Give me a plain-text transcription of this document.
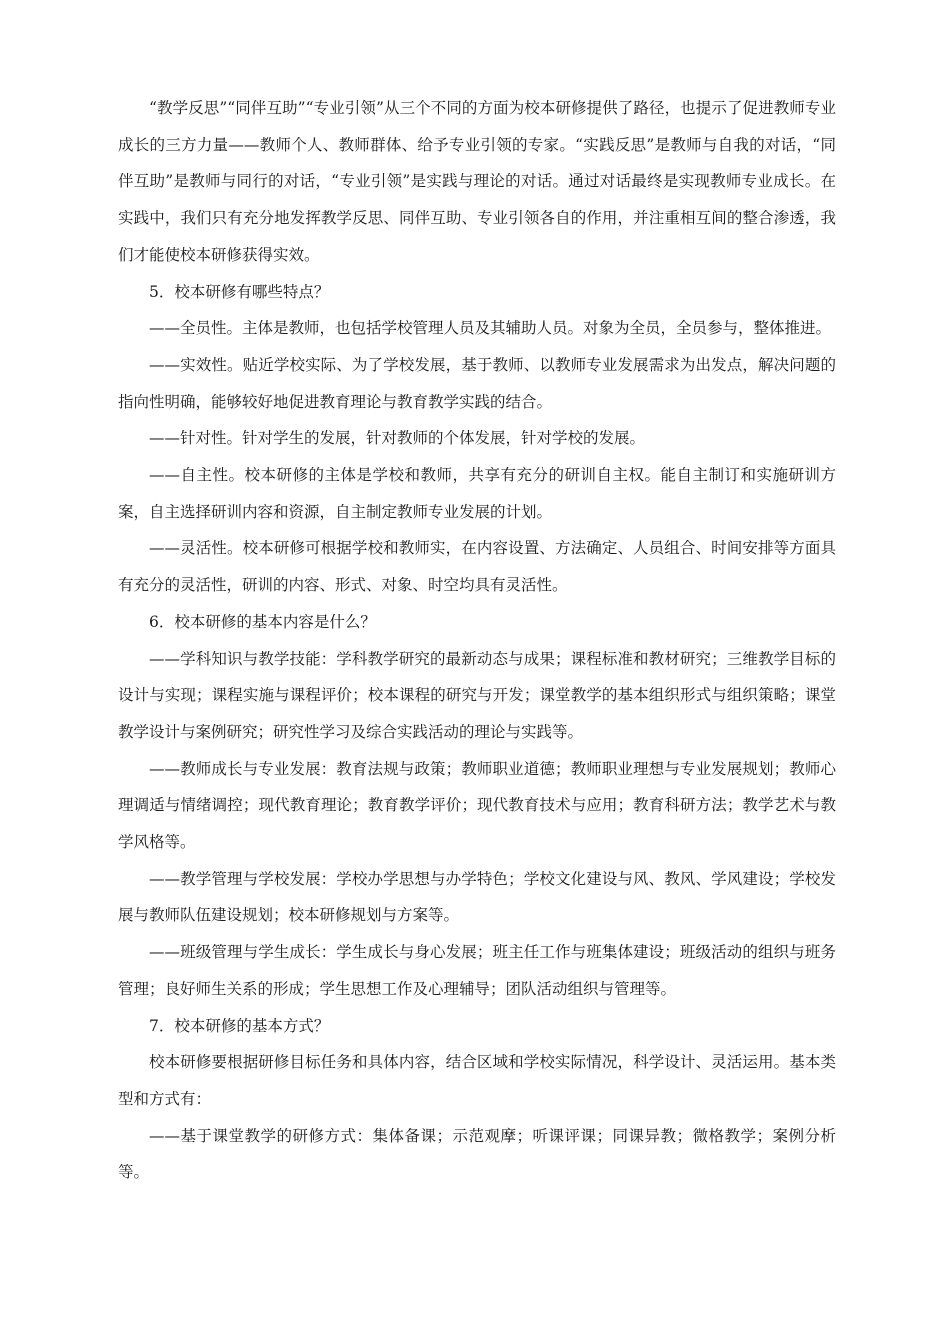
“教学反思”“同伴互助”“专业引领”从三个不同的方面为校本研修提供了路径，也提示了促进教师专业成长的三方力量——教师个人、教师群体、给予专业引领的专家。“实践反思”是教师与自我的对话，“同伴互助”是教师与同行的对话，“专业引领”是实践与理论的对话。通过对话最终是实现教师专业成长。在实践中，我们只有充分地发挥教学反思、同伴互助、专业引领各自的作用，并注重相互间的整合渗透，我们才能使校本研修获得实效。

5．校本研修有哪些特点？

——全员性。主体是教师，也包括学校管理人员及其辅助人员。对象为全员，全员参与，整体推进。

——实效性。贴近学校实际、为了学校发展，基于教师、以教师专业发展需求为出发点，解决问题的指向性明确，能够较好地促进教育理论与教育教学实践的结合。

——针对性。针对学生的发展，针对教师的个体发展，针对学校的发展。

——自主性。校本研修的主体是学校和教师，共享有充分的研训自主权。能自主制订和实施研训方案，自主选择研训内容和资源，自主制定教师专业发展的计划。

——灵活性。校本研修可根据学校和教师实，在内容设置、方法确定、人员组合、时间安排等方面具有充分的灵活性，研训的内容、形式、对象、时空均具有灵活性。

6．校本研修的基本内容是什么？

——学科知识与教学技能：学科教学研究的最新动态与成果；课程标准和教材研究；三维教学目标的设计与实现；课程实施与课程评价；校本课程的研究与开发；课堂教学的基本组织形式与组织策略；课堂教学设计与案例研究；研究性学习及综合实践活动的理论与实践等。

——教师成长与专业发展：教育法规与政策；教师职业道德；教师职业理想与专业发展规划；教师心理调适与情绪调控；现代教育理论；教育教学评价；现代教育技术与应用；教育科研方法；教学艺术与教学风格等。

——教学管理与学校发展：学校办学思想与办学特色；学校文化建设与风、教风、学风建设；学校发展与教师队伍建设规划；校本研修规划与方案等。

——班级管理与学生成长：学生成长与身心发展；班主任工作与班集体建设；班级活动的组织与班务管理；良好师生关系的形成；学生思想工作及心理辅导；团队活动组织与管理等。

7．校本研修的基本方式？

校本研修要根据研修目标任务和具体内容，结合区域和学校实际情况，科学设计、灵活运用。基本类型和方式有：

——基于课堂教学的研修方式：集体备课；示范观摩；听课评课；同课异教；微格教学；案例分析等。
